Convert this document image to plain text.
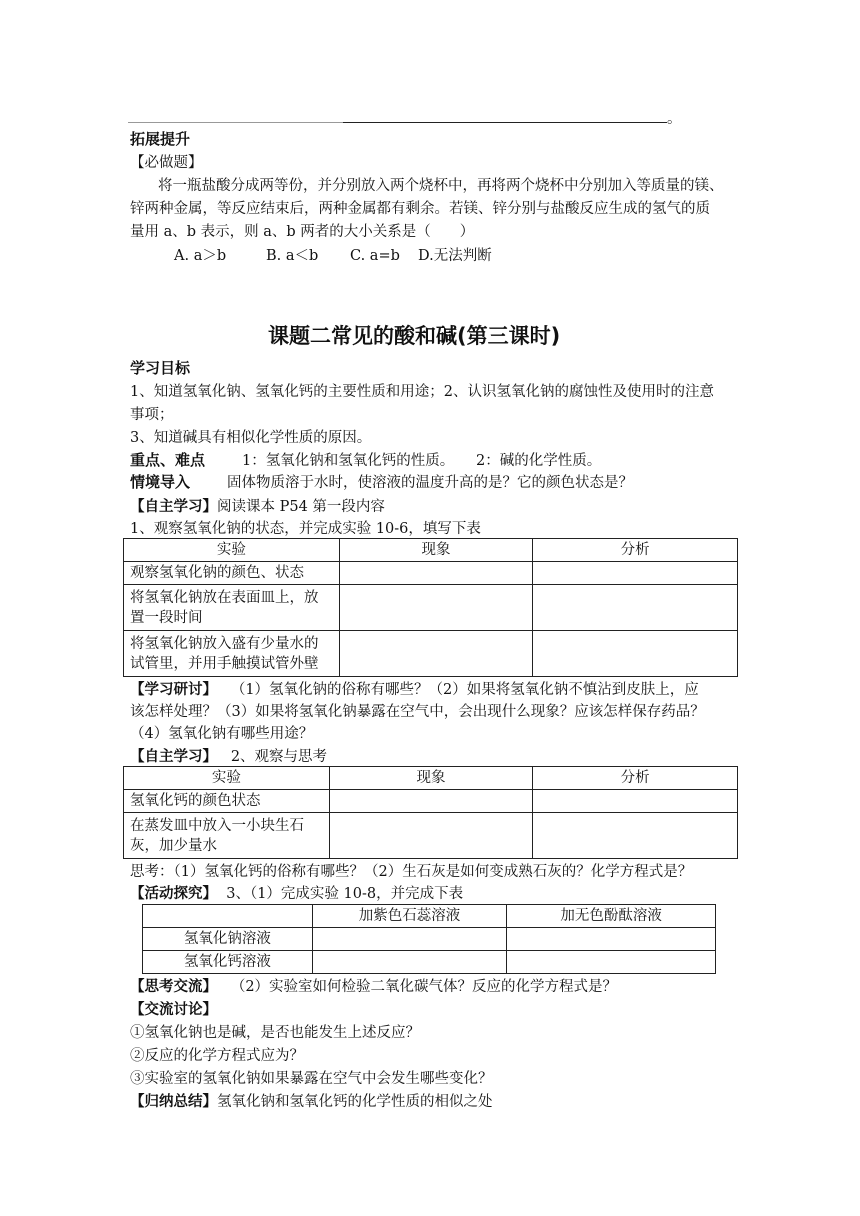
。
拓展提升
【必做题】
将一瓶盐酸分成两等份，并分别放入两个烧杯中，再将两个烧杯中分别加入等质量的镁、
锌两种金属，等反应结束后，两种金属都有剩余。若镁、锌分别与盐酸反应生成的氢气的质
量用 a、b 表示，则 a、b 两者的大小关系是（　　）
A. a＞b	B. a＜b C. a=b D.无法判断
课题二常见的酸和碱(第三课时)
学习目标
1、知道氢氧化钠、氢氧化钙的主要性质和用途；2、认识氢氧化钠的腐蚀性及使用时的注意
事项；
3、知道碱具有相似化学性质的原因。
重点、难点	1：氢氧化钠和氢氧化钙的性质。　　2：碱的化学性质。
情境导入	固体物质溶于水时，使溶液的温度升高的是？它的颜色状态是？
【自主学习】阅读课本 P54 第一段内容
1、观察氢氧化钠的状态，并完成实验 10-6，填写下表
实验	现象	分析
观察氢氧化钠的颜色、状态		
将氢氧化钠放在表面皿上，放
置一段时间		
将氢氧化钠放入盛有少量水的
试管里，并用手触摸试管外壁		
【学习研讨】 （1）氢氧化钠的俗称有哪些？（2）如果将氢氧化钠不慎沾到皮肤上，应
该怎样处理？（3）如果将氢氧化钠暴露在空气中，会出现什么现象？应该怎样保存药品？
（4）氢氧化钠有哪些用途？
【自主学习】 2、观察与思考
实验	现象	分析
氢氧化钙的颜色状态		
在蒸发皿中放入一小块生石
灰，加少量水		
思考：（1）氢氧化钙的俗称有哪些？（2）生石灰是如何变成熟石灰的？化学方程式是？
【活动探究】 3、（1）完成实验 10-8，并完成下表
	加紫色石蕊溶液	加无色酚酞溶液
氢氧化钠溶液		
氢氧化钙溶液		
【思考交流】 （2）实验室如何检验二氧化碳气体？反应的化学方程式是？
【交流讨论】
①氢氧化钠也是碱，是否也能发生上述反应？
②反应的化学方程式应为？
③实验室的氢氧化钠如果暴露在空气中会发生哪些变化？
【归纳总结】氢氧化钠和氢氧化钙的化学性质的相似之处
